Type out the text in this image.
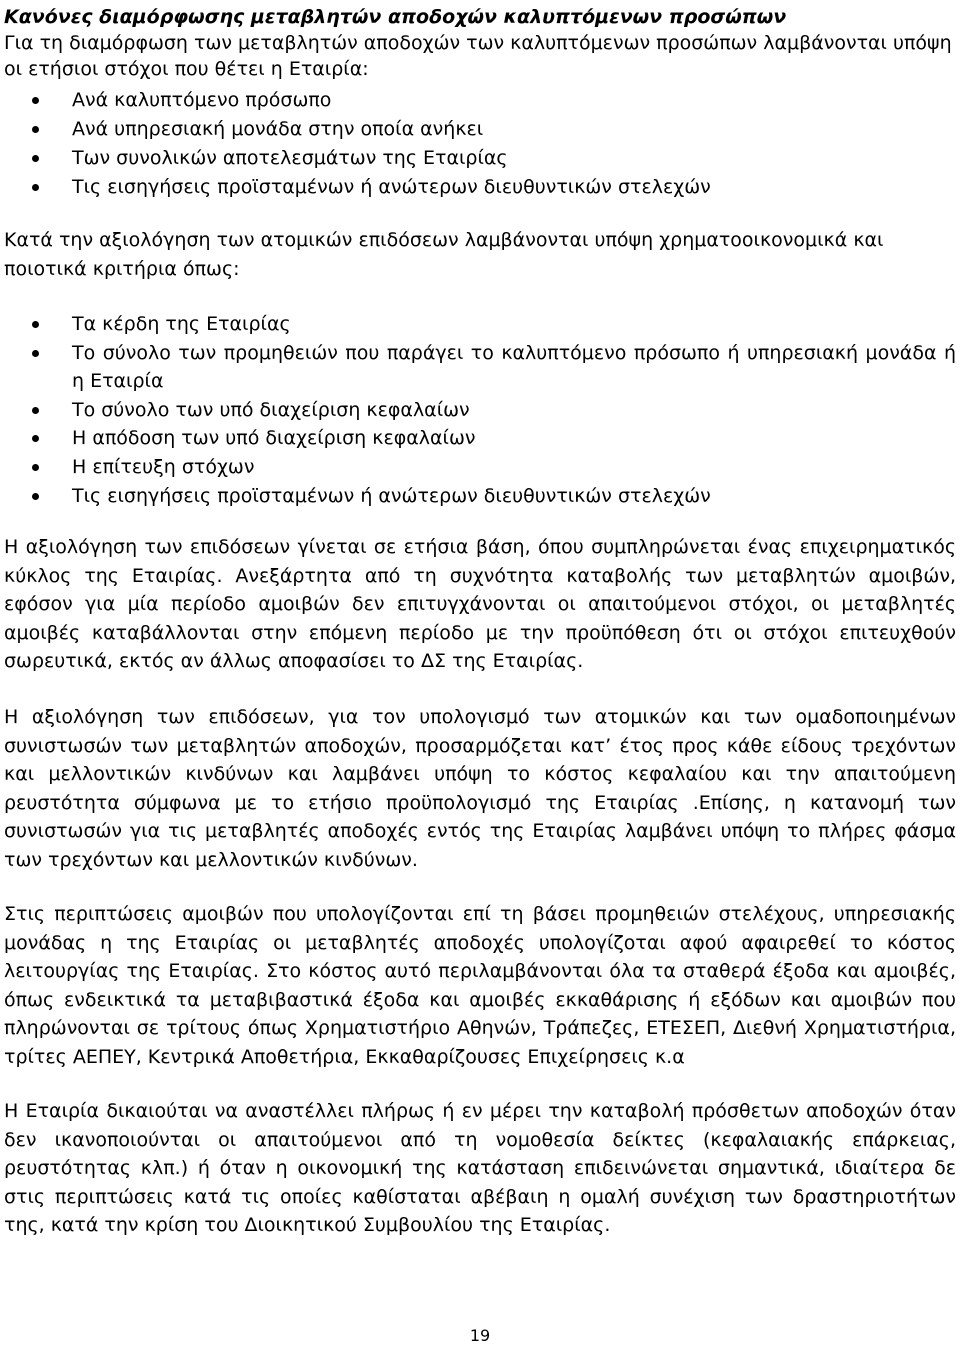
Κανόνες διαμόρφωσης μεταβλητών αποδοχών καλυπτόμενων προσώπων

Για τη διαμόρφωση των μεταβλητών αποδοχών των καλυπτόμενων προσώπων λαμβάνονται υπόψη οι ετήσιοι στόχοι που θέτει η Εταιρία:

Ανά καλυπτόμενο πρόσωπο
Ανά υπηρεσιακή μονάδα στην οποία ανήκει
Των συνολικών αποτελεσμάτων της Εταιρίας
Τις εισηγήσεις προϊσταμένων ή ανώτερων διευθυντικών στελεχών

Κατά την αξιολόγηση των ατομικών επιδόσεων λαμβάνονται υπόψη χρηματοοικονομικά και ποιοτικά κριτήρια όπως:

Τα κέρδη της Εταιρίας
Το σύνολο των προμηθειών που παράγει το καλυπτόμενο πρόσωπο ή υπηρεσιακή μονάδα ή η Εταιρία
Το σύνολο των υπό διαχείριση κεφαλαίων
Η απόδοση των υπό διαχείριση κεφαλαίων
Η επίτευξη στόχων
Τις εισηγήσεις προϊσταμένων ή ανώτερων διευθυντικών στελεχών

Η αξιολόγηση των επιδόσεων γίνεται σε ετήσια βάση, όπου συμπληρώνεται ένας επιχειρηματικός κύκλος της Εταιρίας. Ανεξάρτητα από τη συχνότητα καταβολής των μεταβλητών αμοιβών, εφόσον για μία περίοδο αμοιβών δεν επιτυγχάνονται οι απαιτούμενοι στόχοι, οι μεταβλητές αμοιβές καταβάλλονται στην επόμενη περίοδο με την προϋπόθεση ότι οι στόχοι επιτευχθούν σωρευτικά, εκτός αν άλλως αποφασίσει το ΔΣ της Εταιρίας.

Η αξιολόγηση των επιδόσεων, για τον υπολογισμό των ατομικών και των ομαδοποιημένων συνιστωσών των μεταβλητών αποδοχών, προσαρμόζεται κατ’ έτος προς κάθε είδους τρεχόντων και μελλοντικών κινδύνων και λαμβάνει υπόψη το κόστος κεφαλαίου και την απαιτούμενη ρευστότητα σύμφωνα με το ετήσιο προϋπολογισμό της Εταιρίας .Επίσης, η κατανομή των συνιστωσών για τις μεταβλητές αποδοχές εντός της Εταιρίας λαμβάνει υπόψη το πλήρες φάσμα των τρεχόντων και μελλοντικών κινδύνων.

Στις περιπτώσεις αμοιβών που υπολογίζονται επί τη βάσει προμηθειών στελέχους, υπηρεσιακής μονάδας η της Εταιρίας οι μεταβλητές αποδοχές υπολογίζοται αφού αφαιρεθεί το κόστος λειτουργίας της Εταιρίας. Στο κόστος αυτό περιλαμβάνονται όλα τα σταθερά έξοδα και αμοιβές, όπως ενδεικτικά τα μεταβιβαστικά έξοδα και αμοιβές εκκαθάρισης ή εξόδων και αμοιβών που πληρώνονται σε τρίτους όπως Χρηματιστήριο Αθηνών, Τράπεζες, ΕΤΕΣΕΠ, Διεθνή Χρηματιστήρια, τρίτες ΑΕΠΕΥ, Κεντρικά Αποθετήρια, Εκκαθαρίζουσες Επιχείρησεις κ.α

Η Εταιρία δικαιούται να αναστέλλει πλήρως ή εν μέρει την καταβολή πρόσθετων αποδοχών όταν δεν ικανοποιούνται οι απαιτούμενοι από τη νομοθεσία δείκτες (κεφαλαιακής επάρκειας, ρευστότητας κλπ.) ή όταν η οικονομική της κατάσταση επιδεινώνεται σημαντικά, ιδιαίτερα δε στις περιπτώσεις κατά τις οποίες καθίσταται αβέβαιη η ομαλή συνέχιση των δραστηριοτήτων της, κατά την κρίση του Διοικητικού Συμβουλίου της Εταιρίας.

19
